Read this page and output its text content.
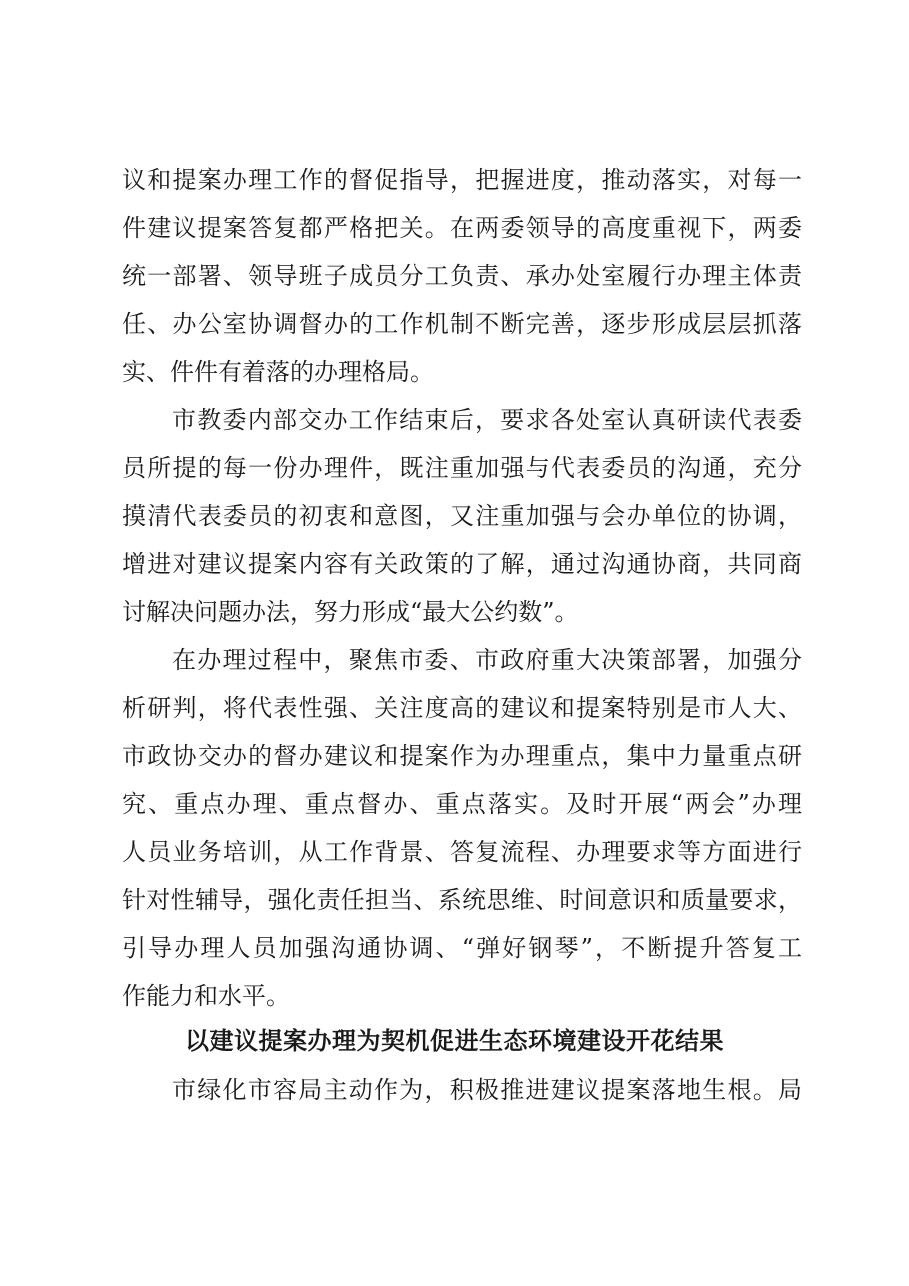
议和提案办理工作的督促指导，把握进度，推动落实，对每一
件建议提案答复都严格把关。在两委领导的高度重视下，两委
统一部署、领导班子成员分工负责、承办处室履行办理主体责
任、办公室协调督办的工作机制不断完善，逐步形成层层抓落
实、件件有着落的办理格局。
市教委内部交办工作结束后，要求各处室认真研读代表委
员所提的每一份办理件，既注重加强与代表委员的沟通，充分
摸清代表委员的初衷和意图，又注重加强与会办单位的协调，
增进对建议提案内容有关政策的了解，通过沟通协商，共同商
讨解决问题办法，努力形成“最大公约数”。
在办理过程中，聚焦市委、市政府重大决策部署，加强分
析研判，将代表性强、关注度高的建议和提案特别是市人大、
市政协交办的督办建议和提案作为办理重点，集中力量重点研
究、重点办理、重点督办、重点落实。及时开展“两会”办理
人员业务培训，从工作背景、答复流程、办理要求等方面进行
针对性辅导，强化责任担当、系统思维、时间意识和质量要求，
引导办理人员加强沟通协调、“弹好钢琴”，不断提升答复工
作能力和水平。
以建议提案办理为契机促进生态环境建设开花结果
市绿化市容局主动作为，积极推进建议提案落地生根。局
